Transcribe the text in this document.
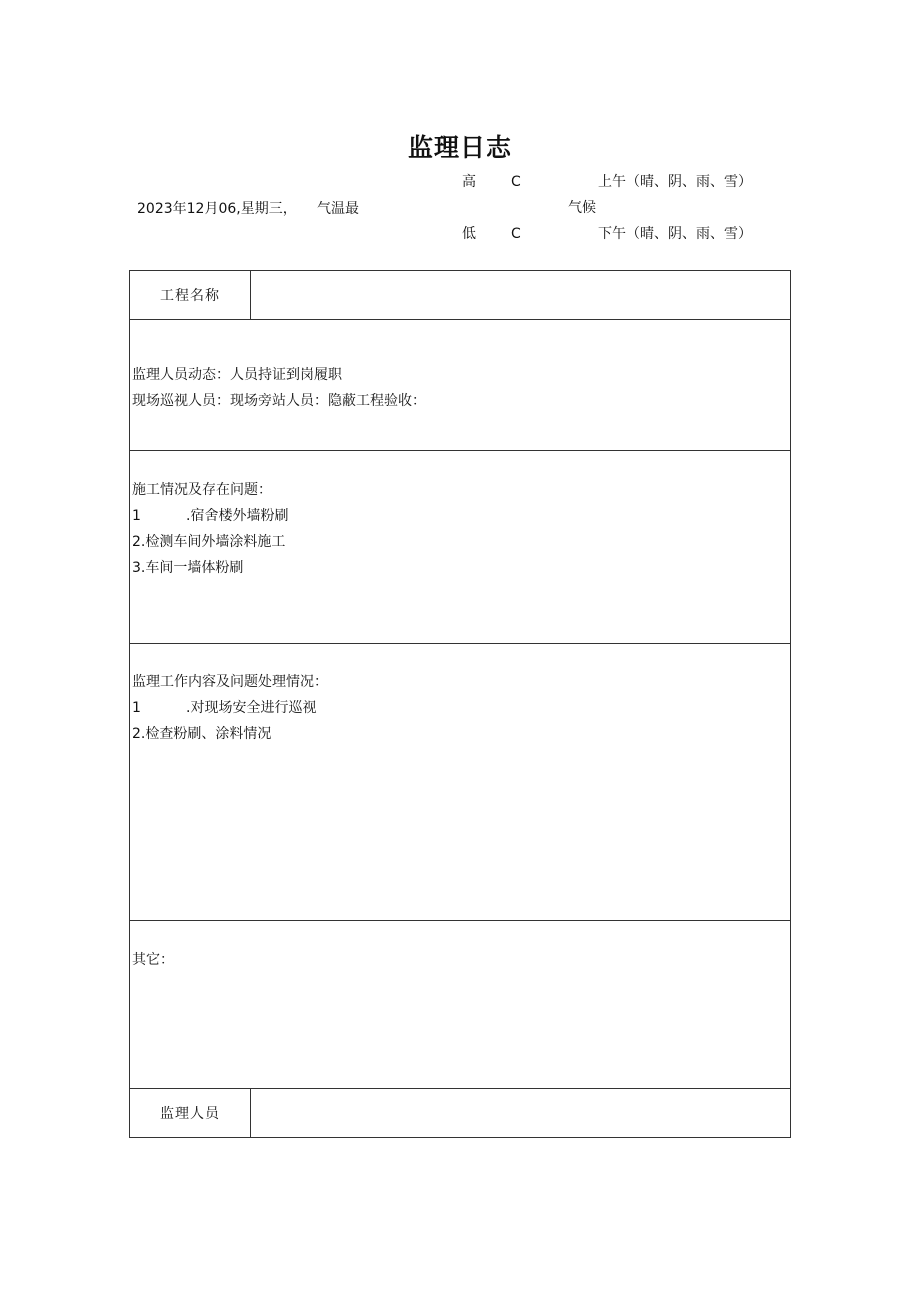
监理日志
高	C	上午（晴、阴、雨、雪）
2023年12月06,星期三， 气温最	气候
低	C	下午（晴、阴、雨、雪）
工程名称	

监理人员动态：人员持证到岗履职
现场巡视人员：现场旁站人员：隐蔽工程验收：	

施工情况及存在问题：
1 .宿舍楼外墙粉刷
2.检测车间外墙涂料施工
3.车间一墙体粉刷	

监理工作内容及问题处理情况：
1 .对现场安全进行巡视
2.检查粉刷、涂料情况	

其它：	

监理人员	
